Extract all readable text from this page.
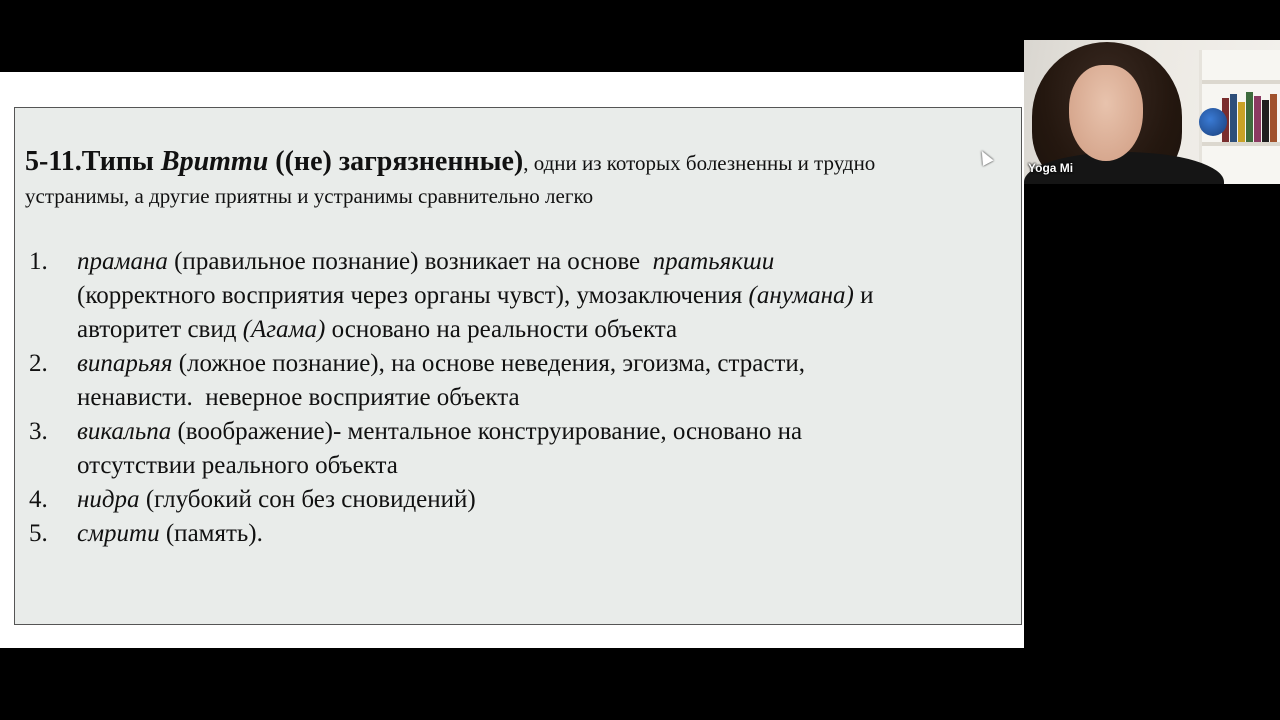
5-11.Типы Вритти ((не) загрязненные), одни из которых болезненны и трудно
устранимы, а другие приятны и устранимы сравнительно легко
1. прамана (правильное познание) возникает на основе  пратьякши
(корректного восприятия через органы чувст), умозаключения (анумана) и
авторитет свид (Агама) основано на реальности объекта
2. випарьяя (ложное познание), на основе неведения, эгоизма, страсти,
ненависти.  неверное восприятие объекта
3. викальпа (воображение)- ментальное конструирование, основано на
отсутствии реального объекта
4. нидра (глубокий сон без сновидений)
5. смрити (память).
Yoga Mi
